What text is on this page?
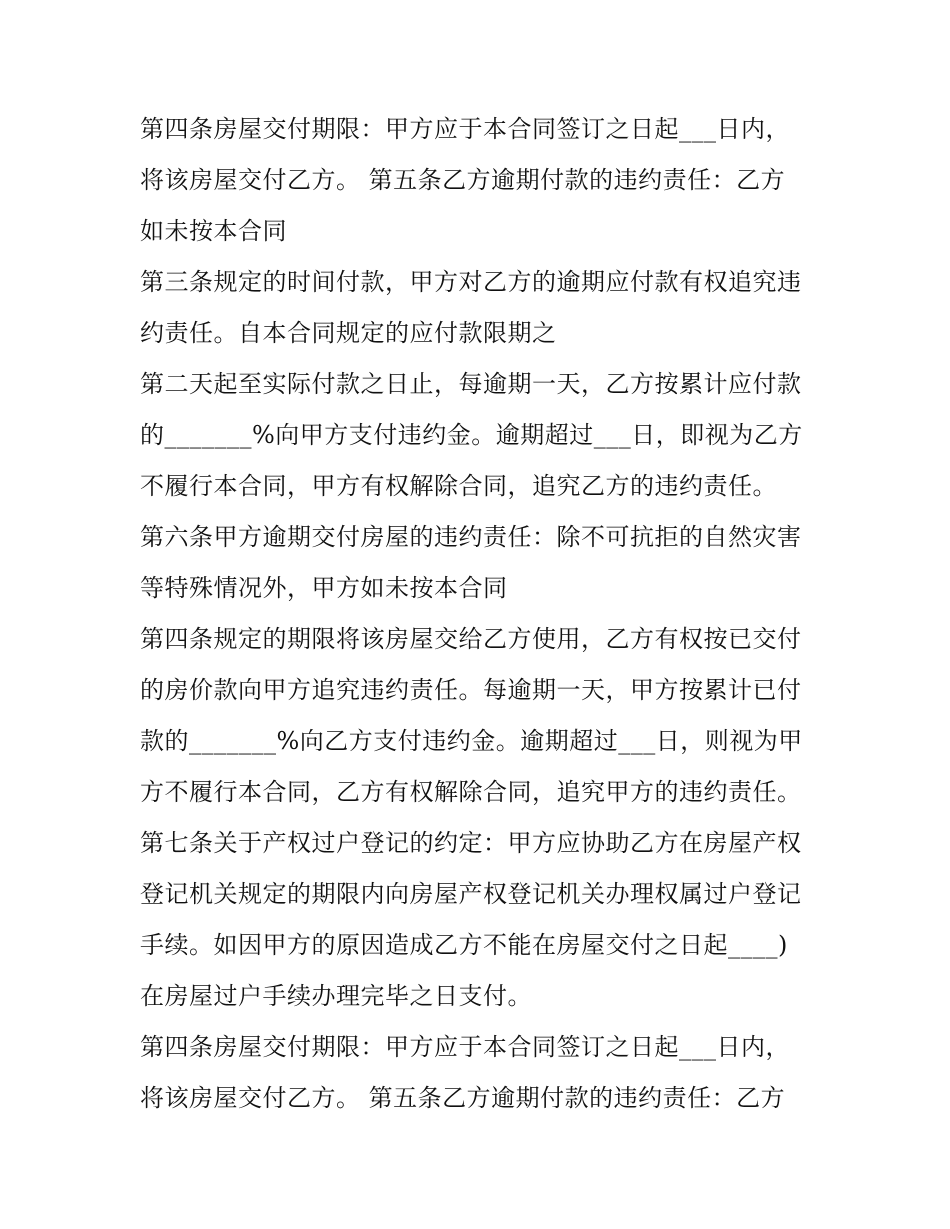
第四条房屋交付期限：甲方应于本合同签订之日起___日内，
将该房屋交付乙方。 第五条乙方逾期付款的违约责任：乙方
如未按本合同
第三条规定的时间付款，甲方对乙方的逾期应付款有权追究违
约责任。自本合同规定的应付款限期之
第二天起至实际付款之日止，每逾期一天，乙方按累计应付款
的_______%向甲方支付违约金。逾期超过___日，即视为乙方
不履行本合同，甲方有权解除合同，追究乙方的违约责任。
第六条甲方逾期交付房屋的违约责任：除不可抗拒的自然灾害
等特殊情况外，甲方如未按本合同
第四条规定的期限将该房屋交给乙方使用，乙方有权按已交付
的房价款向甲方追究违约责任。每逾期一天，甲方按累计已付
款的_______%向乙方支付违约金。逾期超过___日，则视为甲
方不履行本合同，乙方有权解除合同，追究甲方的违约责任。
第七条关于产权过户登记的约定：甲方应协助乙方在房屋产权
登记机关规定的期限内向房屋产权登记机关办理权属过户登记
手续。如因甲方的原因造成乙方不能在房屋交付之日起____)
在房屋过户手续办理完毕之日支付。
第四条房屋交付期限：甲方应于本合同签订之日起___日内，
将该房屋交付乙方。 第五条乙方逾期付款的违约责任：乙方
